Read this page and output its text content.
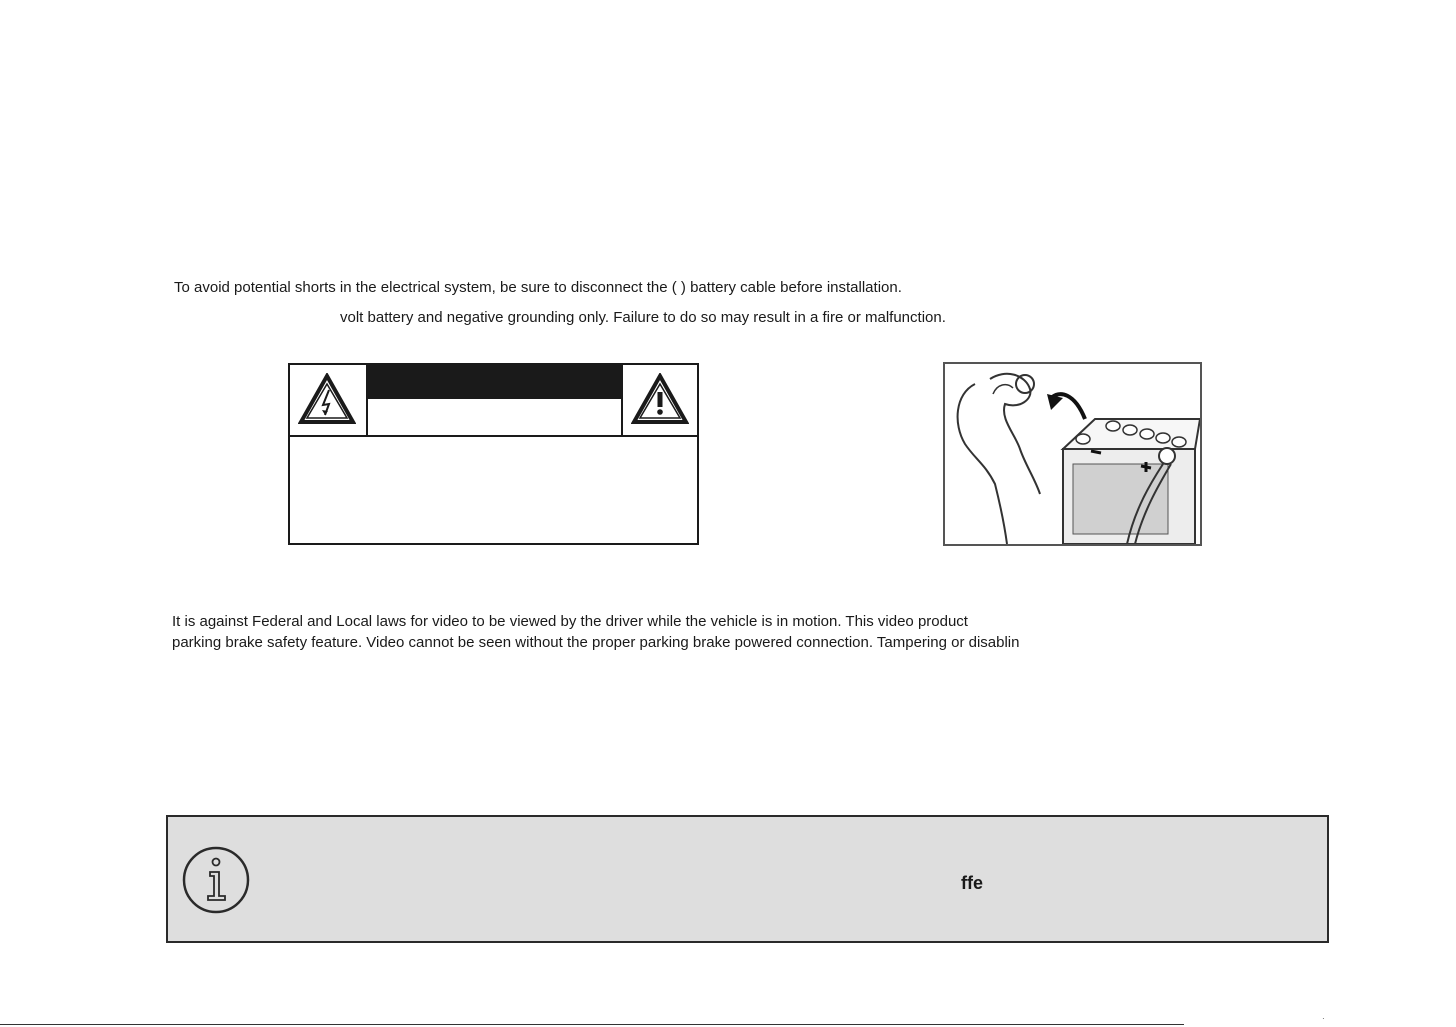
To avoid potential shorts in the electrical system, be sure to disconnect the ( ) battery cable before installation.
volt battery and negative grounding only. Failure to do so may result in a fire or malfunction.
It is against Federal and Local laws for video to be viewed by the driver while the vehicle is in motion. This video product
parking brake safety feature. Video cannot be seen without the proper parking brake powered connection. Tampering or disablin
ffe
·
